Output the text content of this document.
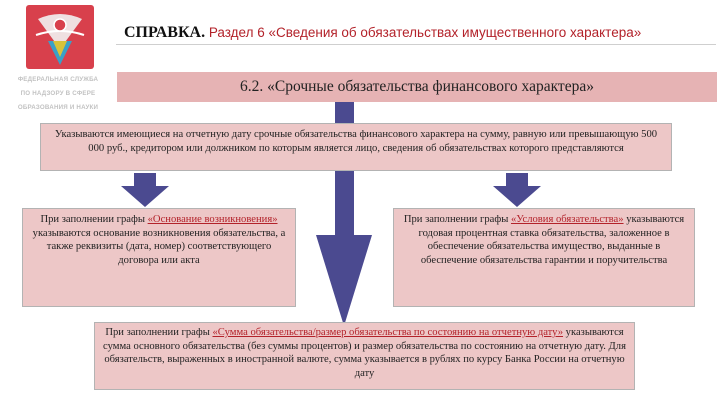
ФЕДЕРАЛЬНАЯ СЛУЖБА
ПО НАДЗОРУ В СФЕРЕ
ОБРАЗОВАНИЯ И НАУКИ
СПРАВКА. Раздел 6 «Сведения об обязательствах имущественного характера»
6.2. «Срочные обязательства финансового характера»
Указываются имеющиеся на отчетную дату срочные обязательства финансового характера на сумму, равную или превышающую 500 000 руб., кредитором или должником по которым является лицо, сведения об обязательствах которого представляются
При заполнении графы «Основание возникновения» указываются основание возникновения обязательства, а также реквизиты (дата, номер) соответствующего договора или акта
При заполнении графы «Условия обязательства» указываются годовая процентная ставка обязательства, заложенное в обеспечение обязательства имущество, выданные в обеспечение обязательства гарантии и поручительства
При заполнении графы «Сумма обязательства/размер обязательства по состоянию на отчетную дату» указываются сумма основного обязательства (без суммы процентов) и размер обязательства по состоянию на отчетную дату. Для обязательств, выраженных в иностранной валюте, сумма указывается в рублях по курсу Банка России на отчетную дату
